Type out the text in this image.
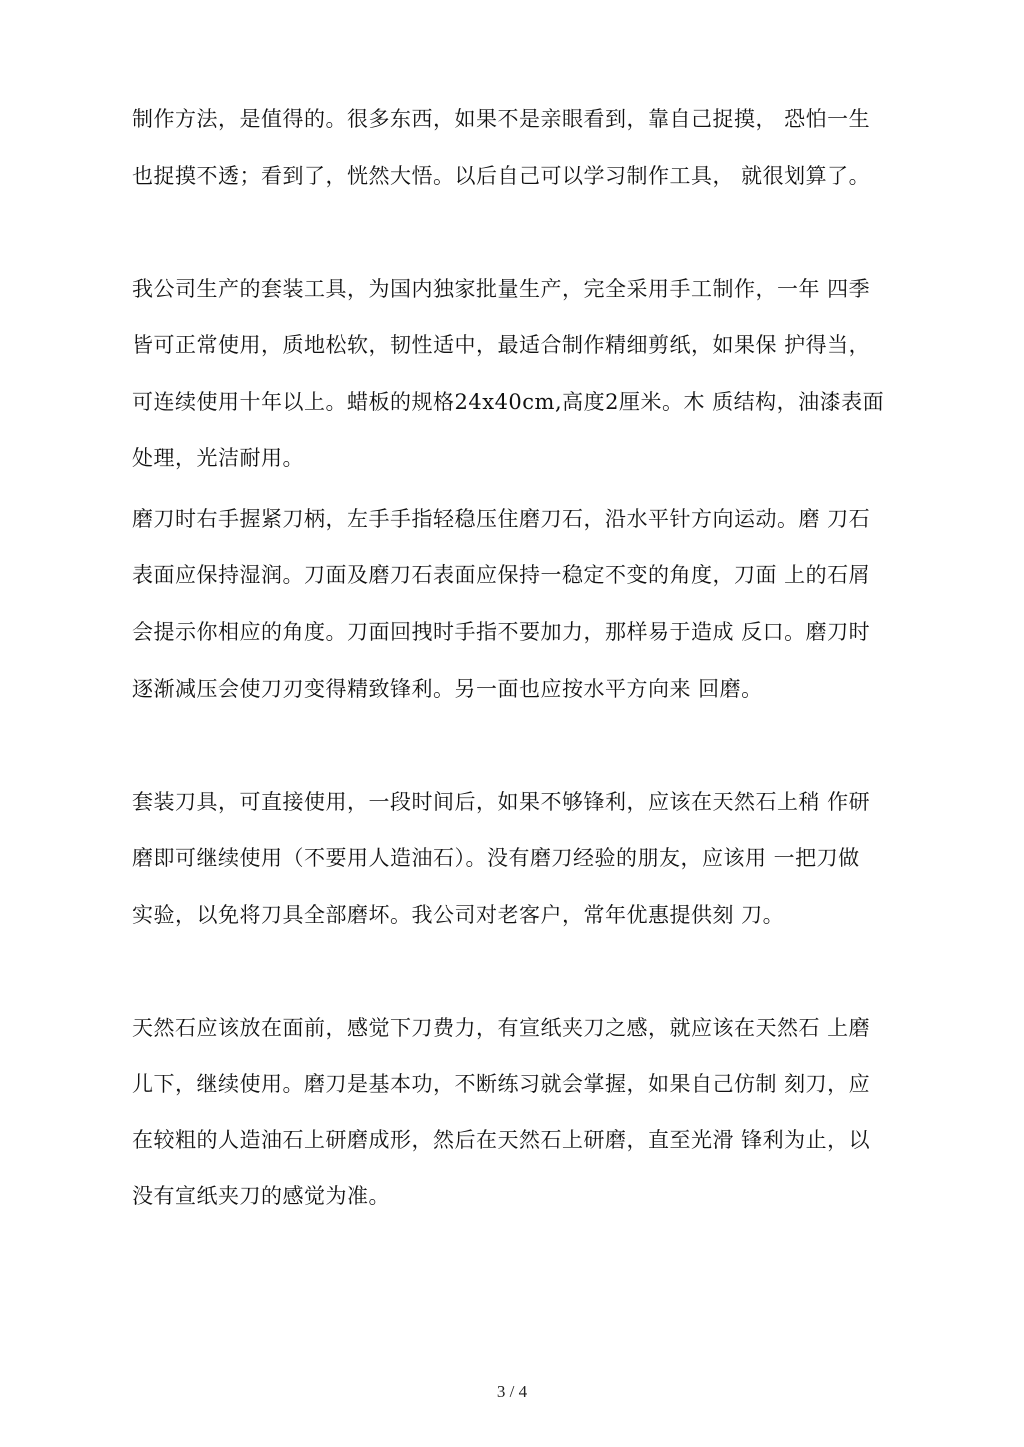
制作方法，是值得的。很多东西，如果不是亲眼看到，靠自己捉摸， 恐怕一生
也捉摸不透；看到了，恍然大悟。以后自己可以学习制作工具， 就很划算了。
我公司生产的套装工具，为国内独家批量生产，完全采用手工制作，一年 四季
皆可正常使用，质地松软，韧性适中，最适合制作精细剪纸，如果保 护得当，
可连续使用十年以上。蜡板的规格24x40cm,高度2厘米。木 质结构，油漆表面
处理，光洁耐用。
磨刀时右手握紧刀柄，左手手指轻稳压住磨刀石，沿水平针方向运动。磨 刀石
表面应保持湿润。刀面及磨刀石表面应保持一稳定不变的角度，刀面 上的石屑
会提示你相应的角度。刀面回拽时手指不要加力，那样易于造成 反口。磨刀时
逐渐减压会使刀刃变得精致锋利。另一面也应按水平方向来 回磨。
套装刀具，可直接使用，一段时间后，如果不够锋利，应该在天然石上稍 作研
磨即可继续使用（不要用人造油石）。没有磨刀经验的朋友，应该用 一把刀做
实验，以免将刀具全部磨坏。我公司对老客户，常年优惠提供刻 刀。
天然石应该放在面前，感觉下刀费力，有宣纸夹刀之感，就应该在天然石 上磨
儿下，继续使用。磨刀是基本功，不断练习就会掌握，如果自己仿制 刻刀，应
在较粗的人造油石上研磨成形，然后在天然石上研磨，直至光滑 锋利为止，以
没有宣纸夹刀的感觉为准。
3 / 4
